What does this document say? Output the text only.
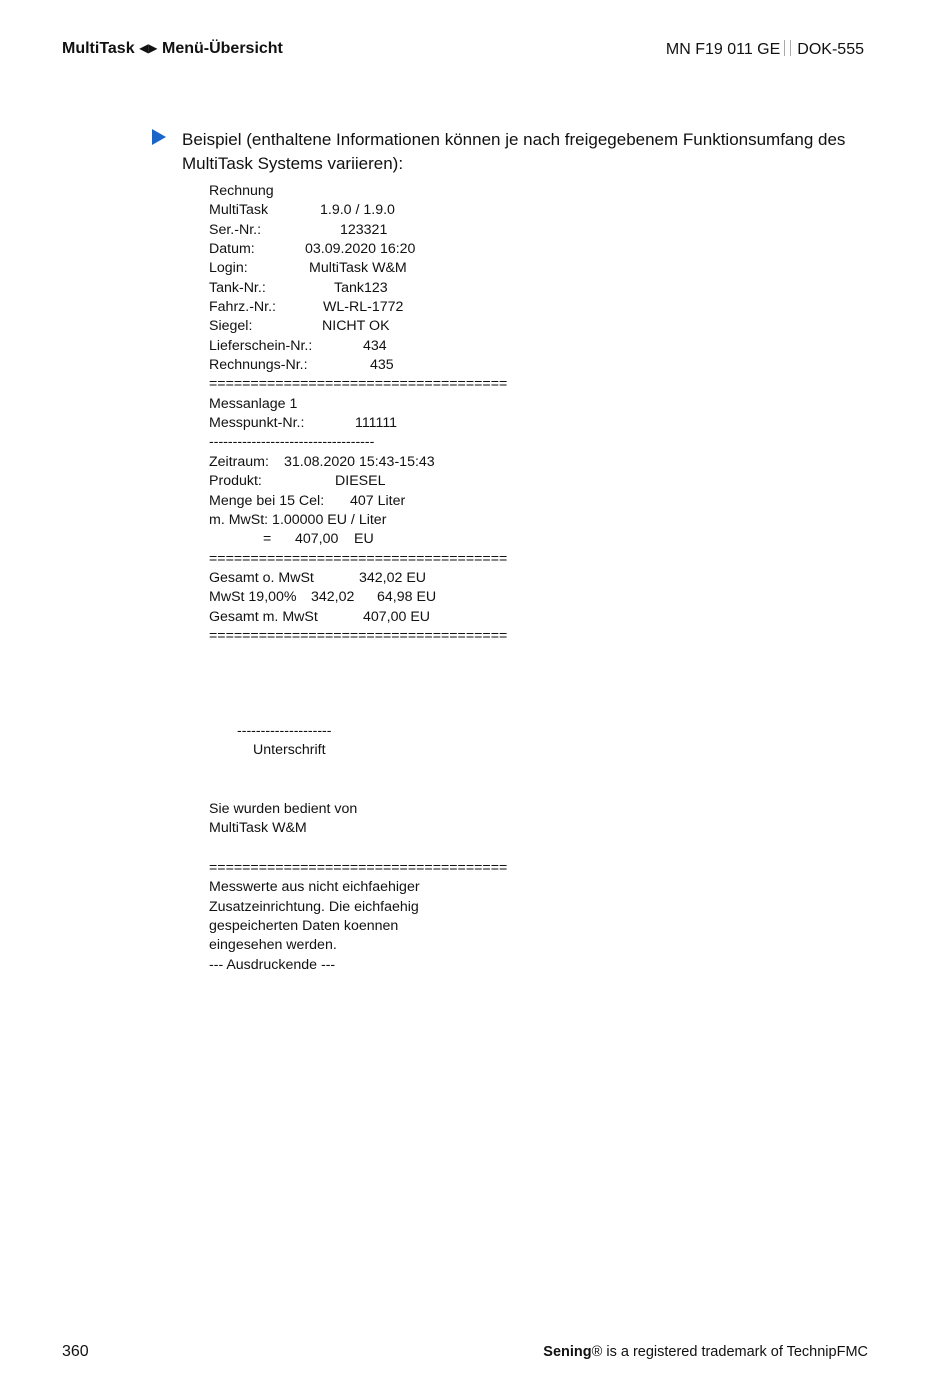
MultiTask ◀▶ Menü-Übersicht	MN F19 011 GE DOK-555
Beispiel (enthaltene Informationen können je nach freigegebenem Funktionsumfang des MultiTask Systems variieren):
Rechnung
MultiTask	1.9.0 / 1.9.0
Ser.-Nr.:	123321
Datum:	03.09.2020 16:20
Login:	MultiTask W&M
Tank-Nr.:	Tank123
Fahrz.-Nr.:	WL-RL-1772
Siegel:	NICHT OK
Lieferschein-Nr.:	434
Rechnungs-Nr.:	435
====================================
Messanlage 1
Messpunkt-Nr.:	111111
-----------------------------------
Zeitraum: 31.08.2020 15:43-15:43
Produkt:	DIESEL
Menge bei 15 Cel: 407 Liter
m. MwSt: 1.00000 EU / Liter
= 407,00 EU
====================================
Gesamt o. MwSt	342,02 EU
MwSt 19,00% 342,02 64,98 EU
Gesamt m. MwSt	407,00 EU
====================================
--------------------
Unterschrift
Sie wurden bedient von
MultiTask W&M
====================================
Messwerte aus nicht eichfaehiger
Zusatzeinrichtung. Die eichfaehig
gespeicherten Daten koennen
eingesehen werden.
--- Ausdruckende ---
360	Sening® is a registered trademark of TechnipFMC
